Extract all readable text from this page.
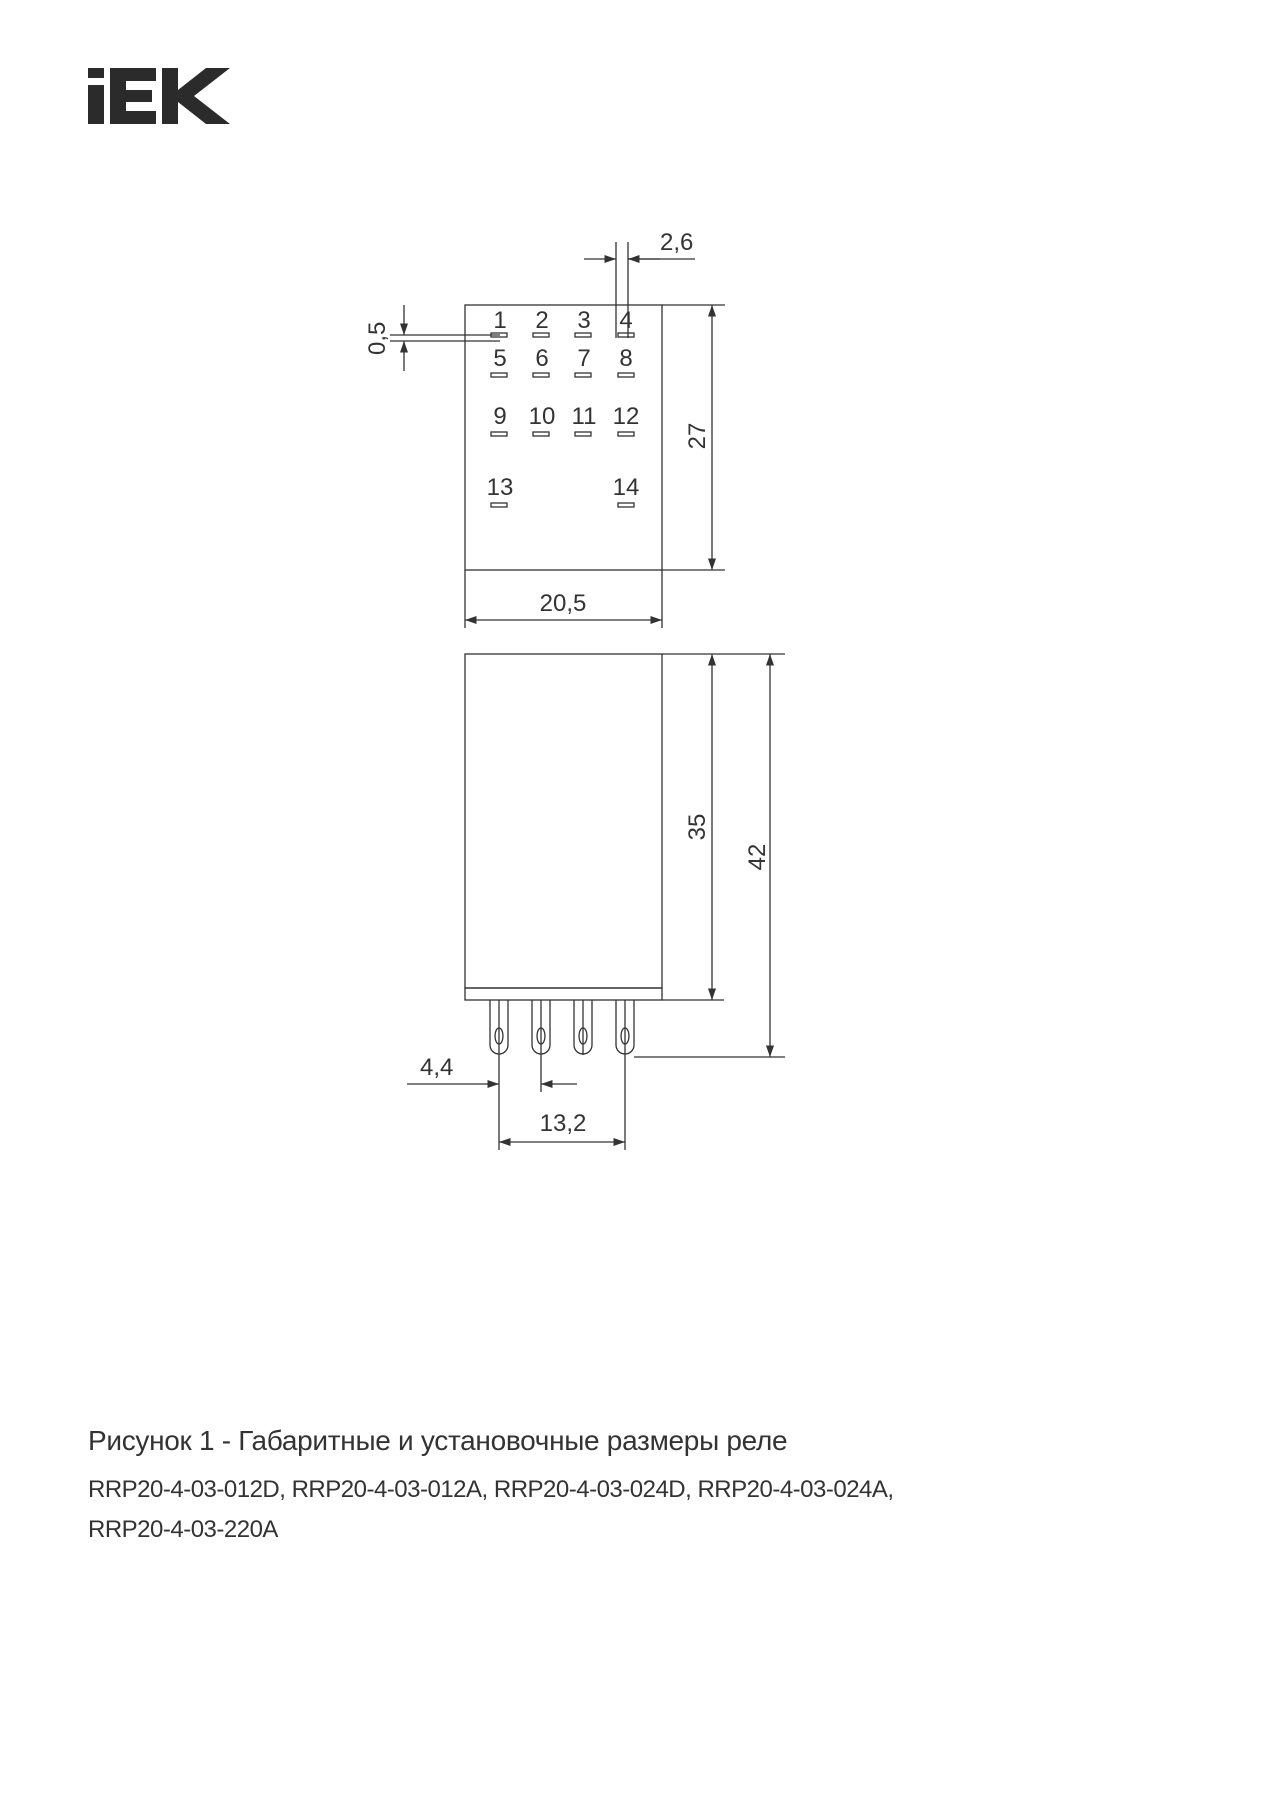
1 2 3 4
5 6 7 8
9 10 11 12
13	14
2,6
0,5
27
20,5
35
42
4,4
13,2
Рисунок 1 - Габаритные и установочные размеры реле
RRP20-4-03-012D, RRP20-4-03-012A, RRP20-4-03-024D, RRP20-4-03-024A,
RRP20-4-03-220A
